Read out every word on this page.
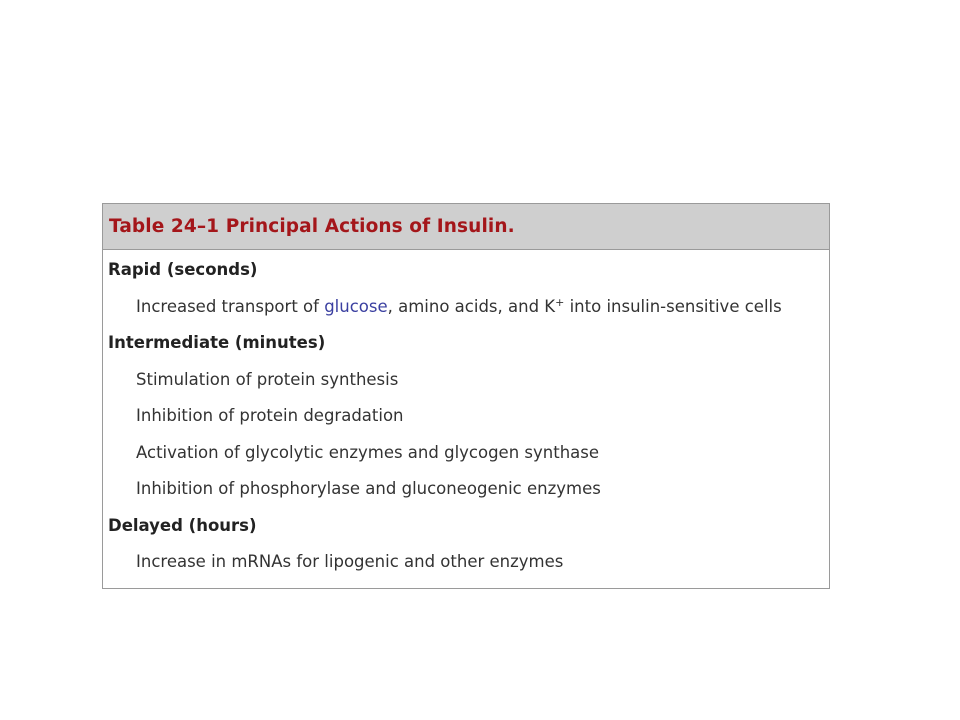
Table 24–1 Principal Actions of Insulin.
Rapid (seconds)
Increased transport of glucose, amino acids, and K+ into insulin-sensitive cells
Intermediate (minutes)
Stimulation of protein synthesis
Inhibition of protein degradation
Activation of glycolytic enzymes and glycogen synthase
Inhibition of phosphorylase and gluconeogenic enzymes
Delayed (hours)
Increase in mRNAs for lipogenic and other enzymes
